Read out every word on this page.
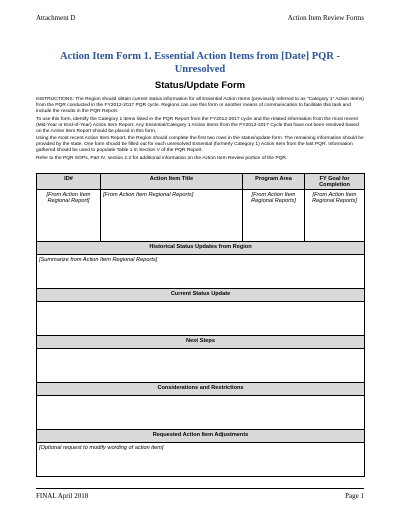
Attachment D	Action Item Review Forms
Action Item Form 1. Essential Action Items from [Date] PQR -
Unresolved
Status/Update Form

INSTRUCTIONS: The Region should obtain current status information for all Essential Action Items (previously referred to as "Category 1" Action Items) from the PQR conducted in the FY2012-2017 PQR cycle. Regions can use this form or another means of communication to facilitate this task and include the results in the PQR Report.

To use this form, identify the Category 1 items listed in the PQR Report from the FY2012-2017 cycle and the related information from the most recent (Mid-Year or End-of-Year) Action Item Report. Any Essential/Category 1 Action Items from the FY2012-2017 Cycle that have not been resolved based on the Action Item Report should be placed in this form.

Using the most recent Action Item Report, the Region should complete the first two rows in the status/update form. The remaining information should be provided by the state. One form should be filled out for each unresolved Essential (formerly Category 1) Action Item from the last PQR. Information gathered should be used to populate Table 1 in Section V of the PQR Report.

Refer to the PQR SOPs, Part IV, section 2.2 for additional information on the Action Item Review portion of the PQR.

ID#	Action Item Title	Program Area	FY Goal for Completion
[From Action Item Regional Report]	[From Action Item Regional Reports]	[From Action Item Regional Reports]	[From Action Item Regional Reports]
Historical Status Updates from Region			
[Summarize from Action Item Regional Reports]			
Current Status Update			

Next Steps			

Considerations and Restrictions			

Requested Action Item Adjustments			
[Optional request to modify wording of action item]			
FINAL April 2018	Page 1
